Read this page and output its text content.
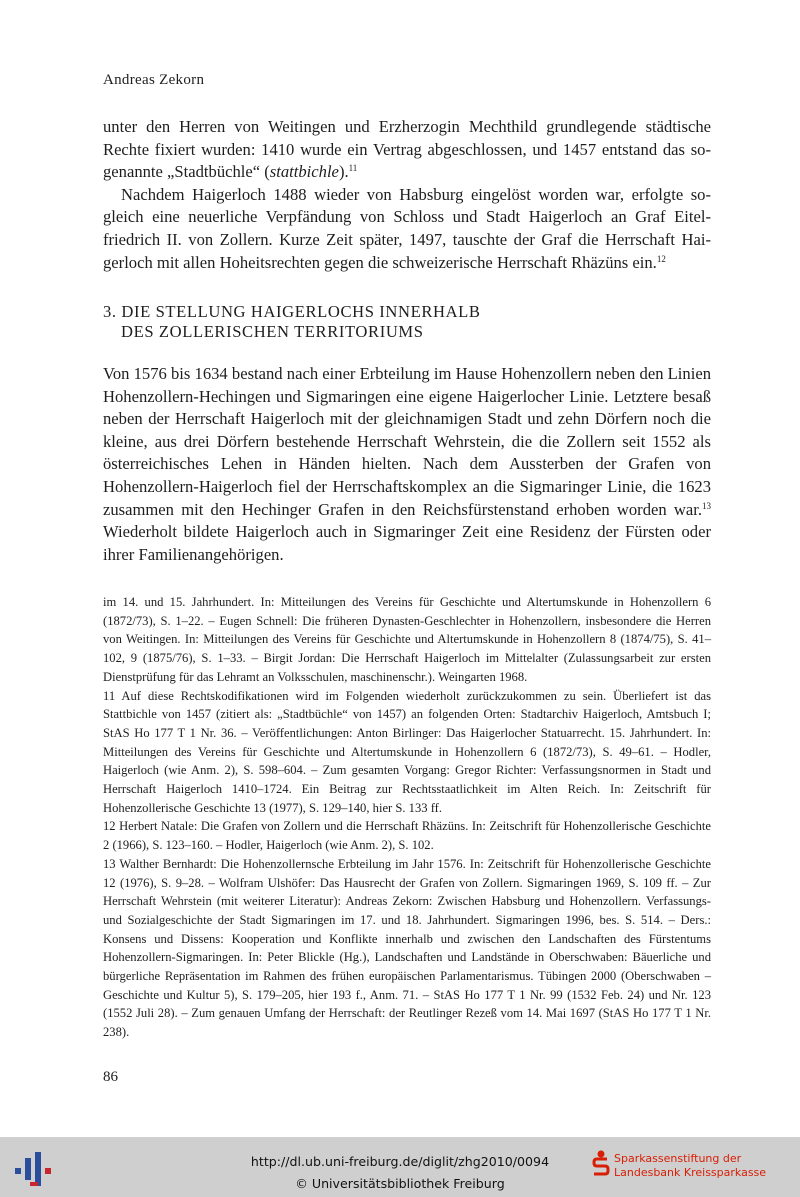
Andreas Zekorn

unter den Herren von Weitingen und Erzherzogin Mechthild grundlegende städtische Rechte fixiert wurden: 1410 wurde ein Vertrag abgeschlossen, und 1457 entstand das sogenannte „Stadtbüchle“ (stattbichle).$^{11}$

Nachdem Haigerloch 1488 wieder von Habsburg eingelöst worden war, erfolgte sogleich eine neuerliche Verpfändung von Schloss und Stadt Haigerloch an Graf Eitelfriedrich II. von Zollern. Kurze Zeit später, 1497, tauschte der Graf die Herrschaft Haigerloch mit allen Hoheitsrechten gegen die schweizerische Herrschaft Rhäzüns ein.$^{12}$

3. DIE STELLUNG HAIGERLOCHS INNERHALB
DES ZOLLERISCHEN TERRITORIUMS

Von 1576 bis 1634 bestand nach einer Erbteilung im Hause Hohenzollern neben den Linien Hohenzollern-Hechingen und Sigmaringen eine eigene Haigerlocher Linie. Letztere besaß neben der Herrschaft Haigerloch mit der gleichnamigen Stadt und zehn Dörfern noch die kleine, aus drei Dörfern bestehende Herrschaft Wehrstein, die die Zollern seit 1552 als österreichisches Lehen in Händen hielten. Nach dem Aussterben der Grafen von Hohenzollern-Haigerloch fiel der Herrschaftskomplex an die Sigmaringer Linie, die 1623 zusammen mit den Hechinger Grafen in den Reichsfürstenstand erhoben worden war.$^{13}$ Wiederholt bildete Haigerloch auch in Sigmaringer Zeit eine Residenz der Fürsten oder ihrer Familienangehörigen.

im 14. und 15. Jahrhundert. In: Mitteilungen des Vereins für Geschichte und Altertumskunde in Hohenzollern 6 (1872/73), S. 1–22. – Eugen Schnell: Die früheren Dynasten-Geschlechter in Hohenzollern, insbesondere die Herren von Weitingen. In: Mitteilungen des Vereins für Geschichte und Altertumskunde in Hohenzollern 8 (1874/75), S. 41–102, 9 (1875/76), S. 1–33. – Birgit Jordan: Die Herrschaft Haigerloch im Mittelalter (Zulassungsarbeit zur ersten Dienstprüfung für das Lehramt an Volksschulen, maschinenschr.). Weingarten 1968.

11 Auf diese Rechtskodifikationen wird im Folgenden wiederholt zurückzukommen zu sein. Überliefert ist das Stattbichle von 1457 (zitiert als: „Stadtbüchle“ von 1457) an folgenden Orten: Stadtarchiv Haigerloch, Amtsbuch I; StAS Ho 177 T 1 Nr. 36. – Veröffentlichungen: Anton Birlinger: Das Haigerlocher Statuarrecht. 15. Jahrhundert. In: Mitteilungen des Vereins für Geschichte und Altertumskunde in Hohenzollern 6 (1872/73), S. 49–61. – Hodler, Haigerloch (wie Anm. 2), S. 598–604. – Zum gesamten Vorgang: Gregor Richter: Verfassungsnormen in Stadt und Herrschaft Haigerloch 1410–1724. Ein Beitrag zur Rechtsstaatlichkeit im Alten Reich. In: Zeitschrift für Hohenzollerische Geschichte 13 (1977), S. 129–140, hier S. 133 ff.

12 Herbert Natale: Die Grafen von Zollern und die Herrschaft Rhäzüns. In: Zeitschrift für Hohenzollerische Geschichte 2 (1966), S. 123–160. – Hodler, Haigerloch (wie Anm. 2), S. 102.

13 Walther Bernhardt: Die Hohenzollernsche Erbteilung im Jahr 1576. In: Zeitschrift für Hohenzollerische Geschichte 12 (1976), S. 9–28. – Wolfram Ulshöfer: Das Hausrecht der Grafen von Zollern. Sigmaringen 1969, S. 109 ff. – Zur Herrschaft Wehrstein (mit weiterer Literatur): Andreas Zekorn: Zwischen Habsburg und Hohenzollern. Verfassungs- und Sozialgeschichte der Stadt Sigmaringen im 17. und 18. Jahrhundert. Sigmaringen 1996, bes. S. 514. – Ders.: Konsens und Dissens: Kooperation und Konflikte innerhalb und zwischen den Landschaften des Fürstentums Hohenzollern-Sigmaringen. In: Peter Blickle (Hg.), Landschaften und Landstände in Oberschwaben: Bäuerliche und bürgerliche Repräsentation im Rahmen des frühen europäischen Parlamentarismus. Tübingen 2000 (Oberschwaben – Geschichte und Kultur 5), S. 179–205, hier 193 f., Anm. 71. – StAS Ho 177 T 1 Nr. 99 (1532 Feb. 24) und Nr. 123 (1552 Juli 28). – Zum genauen Umfang der Herrschaft: der Reutlinger Rezeß vom 14. Mai 1697 (StAS Ho 177 T 1 Nr. 238).

86
http://dl.ub.uni-freiburg.de/diglit/zhg2010/0094
© Universitätsbibliothek Freiburg
Sparkassenstiftung der
Landesbank Kreissparkasse
